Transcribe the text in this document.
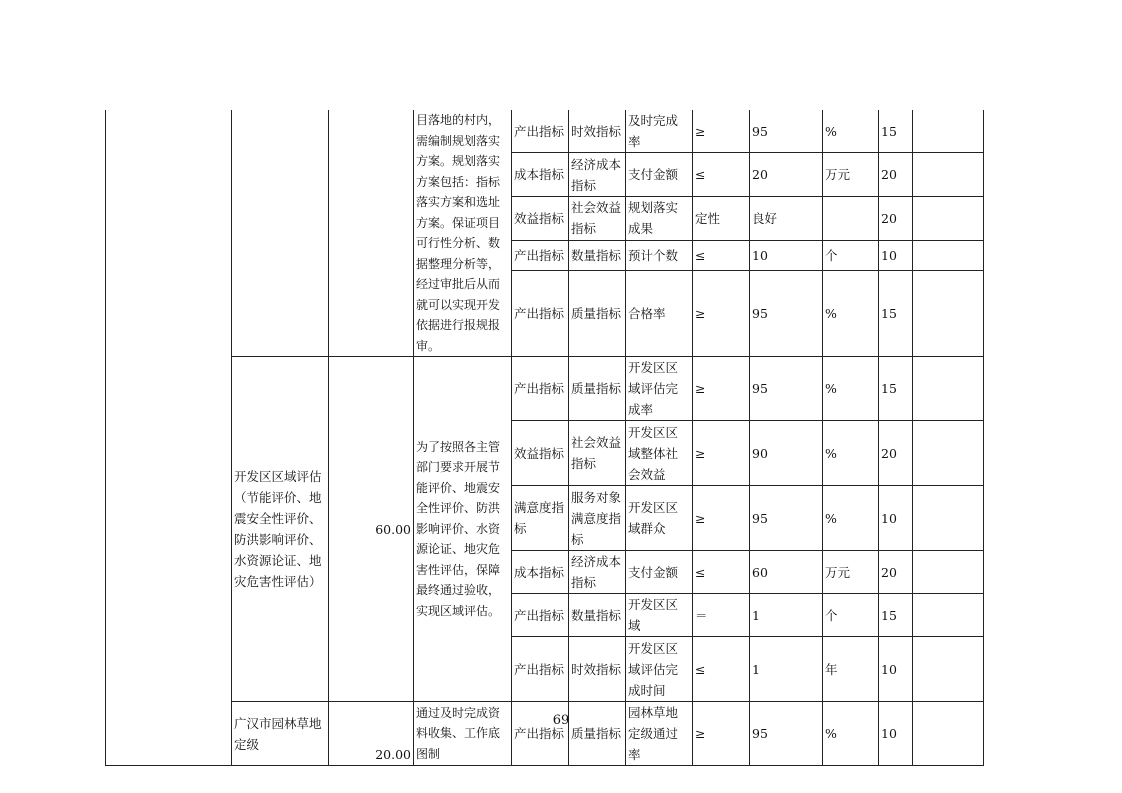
			目落地的村内，需编制规划落实方案。规划落实方案包括：指标落实方案和选址方案。保证项目可行性分析、数据整理分析等，经过审批后从而就可以实现开发依据进行报规报审。	产出指标	时效指标	及时完成率	≥	95	%	15	
				成本指标	经济成本指标	支付金额	≤	20	万元	20	
				效益指标	社会效益指标	规划落实成果	定性	良好		20	
				产出指标	数量指标	预计个数	≤	10	个	10	
				产出指标	质量指标	合格率	≥	95	%	15	
	开发区区域评估（节能评价、地震安全性评价、防洪影响评价、水资源论证、地灾危害性评估）	60.00	为了按照各主管部门要求开展节能评价、地震安全性评价、防洪影响评价、水资源论证、地灾危害性评估，保障最终通过验收，实现区域评估。	产出指标	质量指标	开发区区域评估完成率	≥	95	%	15	
				效益指标	社会效益指标	开发区区域整体社会效益	≥	90	%	20	
				满意度指标	服务对象满意度指标	开发区区域群众	≥	95	%	10	
				成本指标	经济成本指标	支付金额	≤	60	万元	20	
				产出指标	数量指标	开发区区域	＝	1	个	15	
				产出指标	时效指标	开发区区域评估完成时间	≤	1	年	10	
	广汉市园林草地定级	20.00	通过及时完成资料收集、工作底图制	产出指标	质量指标	园林草地定级通过率	≥	95	%	10	
69
